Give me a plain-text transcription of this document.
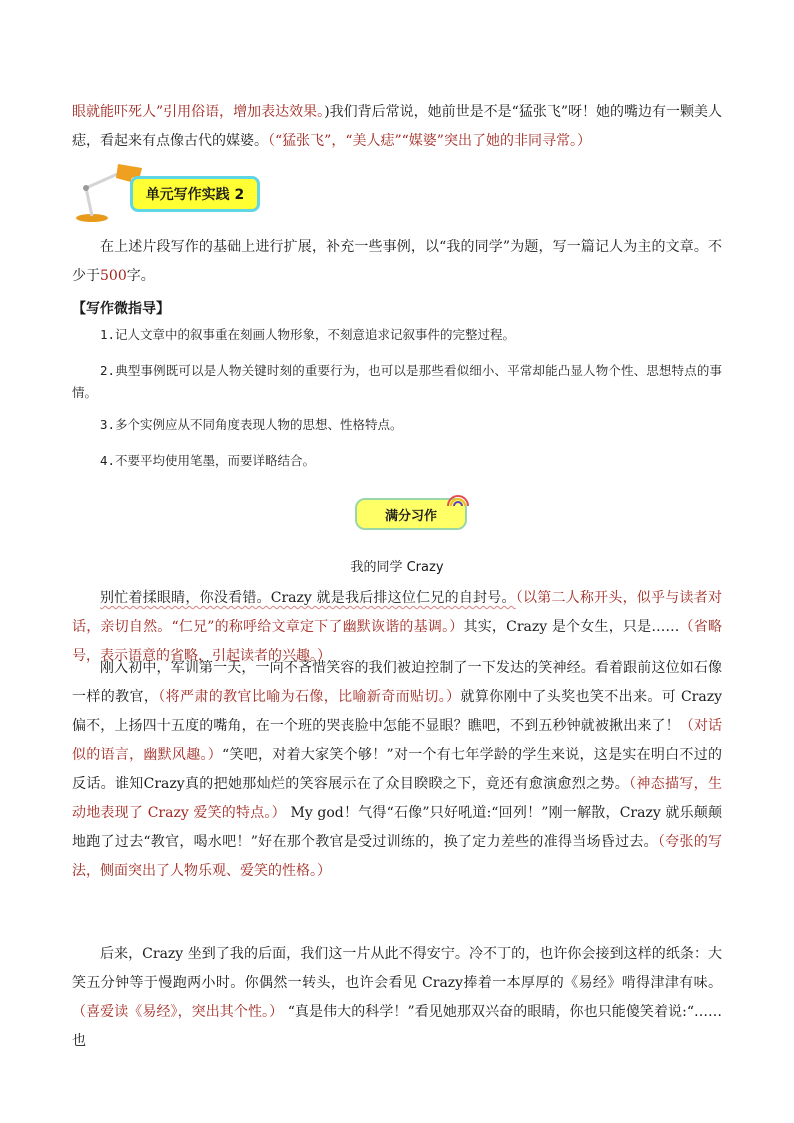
眼就能吓死人”引用俗语，增加表达效果。)我们背后常说，她前世是不是“猛张飞”呀！她的嘴边有一颗美人痣，看起来有点像古代的媒婆。（“猛张飞”，“美人痣”“媒婆”突出了她的非同寻常。）

单元写作实践 2

在上述片段写作的基础上进行扩展，补充一些事例，以“我的同学”为题，写一篇记人为主的文章。不少于500字。

【写作微指导】

1.记人文章中的叙事重在刻画人物形象，不刻意追求记叙事件的完整过程。

2.典型事例既可以是人物关键时刻的重要行为，也可以是那些看似细小、平常却能凸显人物个性、思想特点的事情。

3.多个实例应从不同角度表现人物的思想、性格特点。

4.不要平均使用笔墨，而要详略结合。

满分习作
我的同学 Crazy

别忙着揉眼睛，你没看错。Crazy 就是我后排这位仁兄的自封号。（以第二人称开头，似乎与读者对话，亲切自然。“仁兄”的称呼给文章定下了幽默诙谐的基调。）其实，Crazy 是个女生，只是……（省略号，表示语意的省略，引起读者的兴趣。）

刚入初中，军训第一天，一向不吝惜笑容的我们被迫控制了一下发达的笑神经。看着跟前这位如石像一样的教官，（将严肃的教官比喻为石像，比喻新奇而贴切。）就算你刚中了头奖也笑不出来。可 Crazy 偏不，上扬四十五度的嘴角，在一个班的哭丧脸中怎能不显眼？瞧吧，不到五秒钟就被揪出来了！（对话似的语言，幽默风趣。）“笑吧，对着大家笑个够！”对一个有七年学龄的学生来说，这是实在明白不过的反话。谁知Crazy真的把她那灿烂的笑容展示在了众目睽睽之下，竟还有愈演愈烈之势。（神态描写，生动地表现了 Crazy 爱笑的特点。） My god！气得“石像”只好吼道:“回列！”刚一解散，Crazy 就乐颠颠地跑了过去“教官，喝水吧！”好在那个教官是受过训练的，换了定力差些的准得当场昏过去。（夸张的写法，侧面突出了人物乐观、爱笑的性格。）

后来，Crazy 坐到了我的后面，我们这一片从此不得安宁。冷不丁的，也许你会接到这样的纸条：大笑五分钟等于慢跑两小时。你偶然一转头，也许会看见 Crazy捧着一本厚厚的《易经》啃得津津有味。（喜爱读《易经》，突出其个性。） “真是伟大的科学！”看见她那双兴奋的眼睛，你也只能傻笑着说:“……也
